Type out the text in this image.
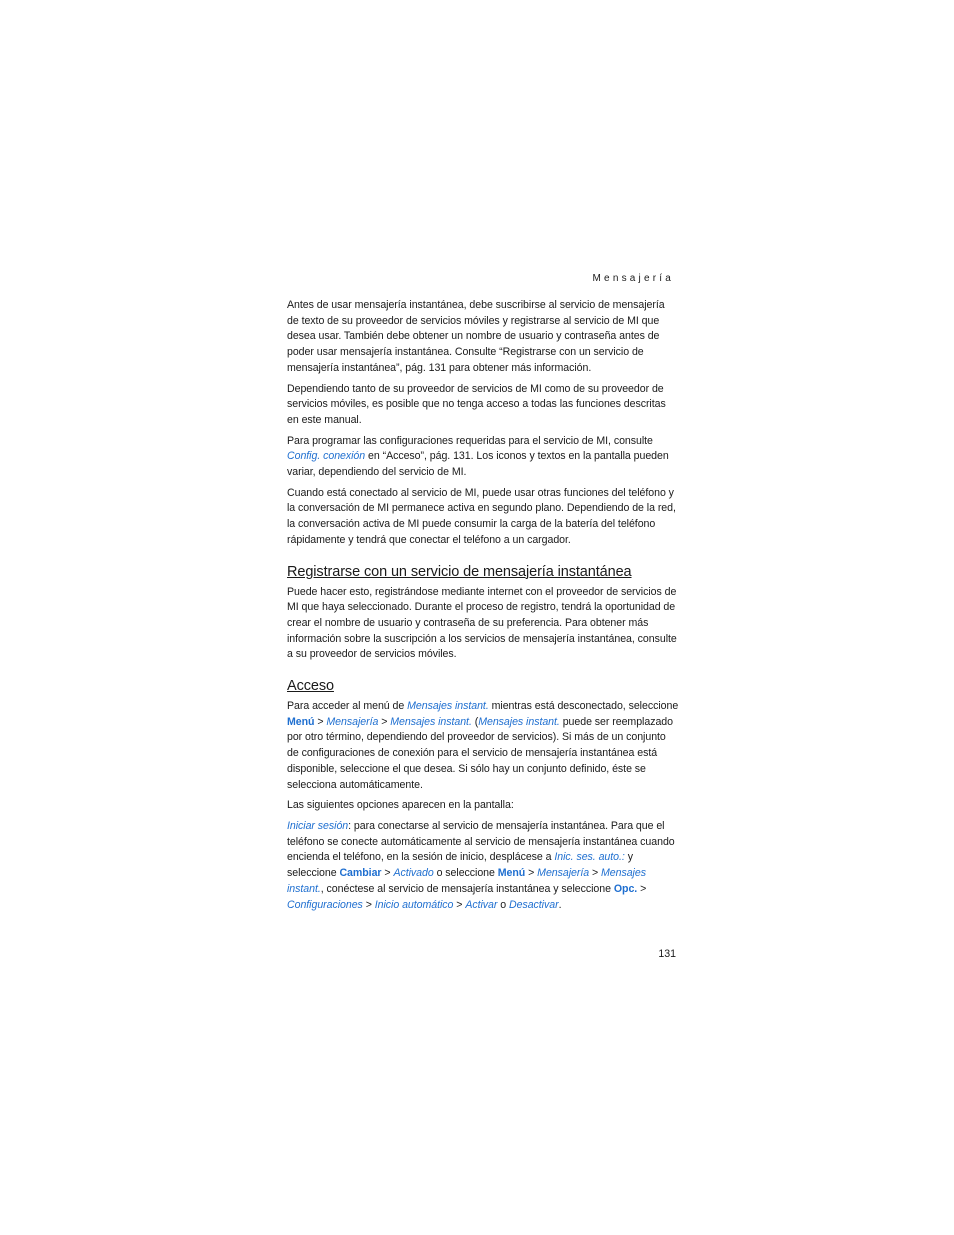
Mensajería

Antes de usar mensajería instantánea, debe suscribirse al servicio de mensajería de texto de su proveedor de servicios móviles y registrarse al servicio de MI que desea usar. También debe obtener un nombre de usuario y contraseña antes de poder usar mensajería instantánea. Consulte “Registrarse con un servicio de mensajería instantánea”, pág. 131 para obtener más información.

Dependiendo tanto de su proveedor de servicios de MI como de su proveedor de servicios móviles, es posible que no tenga acceso a todas las funciones descritas en este manual.

Para programar las configuraciones requeridas para el servicio de MI, consulte Config. conexión en “Acceso”, pág. 131. Los iconos y textos en la pantalla pueden variar, dependiendo del servicio de MI.

Cuando está conectado al servicio de MI, puede usar otras funciones del teléfono y la conversación de MI permanece activa en segundo plano. Dependiendo de la red, la conversación activa de MI puede consumir la carga de la batería del teléfono rápidamente y tendrá que conectar el teléfono a un cargador.

Registrarse con un servicio de mensajería instantánea

Puede hacer esto, registrándose mediante internet con el proveedor de servicios de MI que haya seleccionado. Durante el proceso de registro, tendrá la oportunidad de crear el nombre de usuario y contraseña de su preferencia. Para obtener más información sobre la suscripción a los servicios de mensajería instantánea, consulte a su proveedor de servicios móviles.

Acceso

Para acceder al menú de Mensajes instant. mientras está desconectado, seleccione Menú > Mensajería > Mensajes instant. (Mensajes instant. puede ser reemplazado por otro término, dependiendo del proveedor de servicios). Si más de un conjunto de configuraciones de conexión para el servicio de mensajería instantánea está disponible, seleccione el que desea. Si sólo hay un conjunto definido, éste se selecciona automáticamente.

Las siguientes opciones aparecen en la pantalla:

Iniciar sesión: para conectarse al servicio de mensajería instantánea. Para que el teléfono se conecte automáticamente al servicio de mensajería instantánea cuando encienda el teléfono, en la sesión de inicio, desplácese a Inic. ses. auto.: y seleccione Cambiar > Activado o seleccione Menú > Mensajería > Mensajes instant., conéctese al servicio de mensajería instantánea y seleccione Opc. > Configuraciones > Inicio automático > Activar o Desactivar.

131
